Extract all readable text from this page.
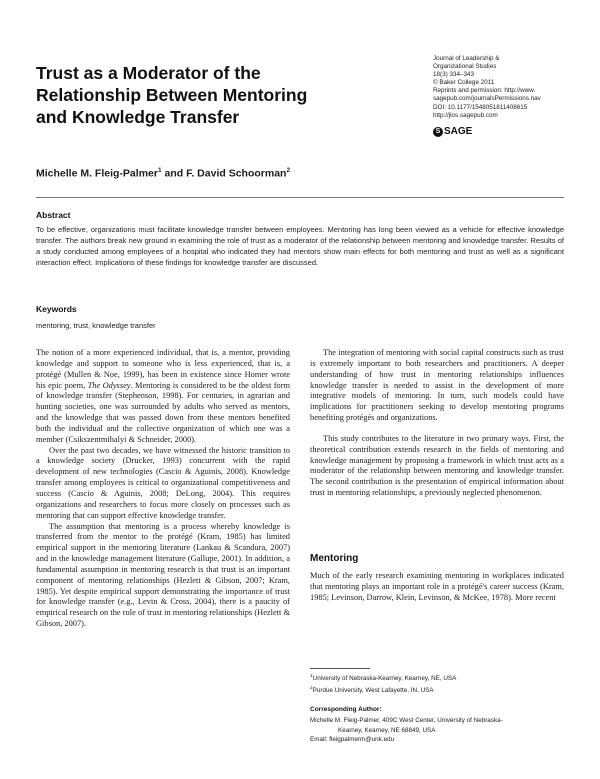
Trust as a Moderator of the
Relationship Between Mentoring
and Knowledge Transfer
Journal of Leadership &
Organizational Studies
18(3) 334–343
© Baker College 2011
Reprints and permission: http://www.
sagepub.com/journalsPermissions.nav
DOI: 10.1177/1548051811408615
http://jlos.sagepub.com
S SAGE
Michelle M. Fleig-Palmer$^1$ and F. David Schoorman$^2$
Abstract
To be effective, organizations must facilitate knowledge transfer between employees. Mentoring has long been viewed as a vehicle for effective knowledge transfer. The authors break new ground in examining the role of trust as a moderator of the relationship between mentoring and knowledge transfer. Results of a study conducted among employees of a hospital who indicated they had mentors show main effects for both mentoring and trust as well as a significant interaction effect. Implications of these findings for knowledge transfer are discussed.
Keywords
mentoring, trust, knowledge transfer

The notion of a more experienced individual, that is, a mentor, providing knowledge and support to someone who is less experienced, that is, a protégé (Mullen & Noe, 1999), has been in existence since Homer wrote his epic poem, The Odyssey. Mentoring is considered to be the oldest form of knowledge transfer (Stephenson, 1998). For centuries, in agrarian and hunting societies, one was surrounded by adults who served as mentors, and the knowledge that was passed down from these mentors benefited both the individual and the collective organization of which one was a member (Csikszentmihalyi & Schneider, 2000).

Over the past two decades, we have witnessed the historic transition to a knowledge society (Drucker, 1993) concurrent with the rapid development of new technologies (Cascio & Aguinis, 2008). Knowledge transfer among employees is critical to organizational competitiveness and success (Cascio & Aguinis, 2008; DeLong, 2004). This requires organizations and researchers to focus more closely on processes such as mentoring that can support effective knowledge transfer.

The assumption that mentoring is a process whereby knowledge is transferred from the mentor to the protégé (Kram, 1985) has limited empirical support in the mentoring literature (Lankau & Scandura, 2007) and in the knowledge management literature (Gallupe, 2001). In addition, a fundamental assumption in mentoring research is that trust is an important component of mentoring relationships (Hezlett & Gibson, 2007; Kram, 1985). Yet despite empirical support demonstrating the importance of trust for knowledge transfer (e.g., Levin & Cross, 2004), there is a paucity of empirical research on the role of trust in mentoring relationships (Hezlett & Gibson, 2007).

The integration of mentoring with social capital constructs such as trust is extremely important to both researchers and practitioners. A deeper understanding of how trust in mentoring relationships influences knowledge transfer is needed to assist in the development of more integrative models of mentoring. In turn, such models could have implications for practitioners seeking to develop mentoring programs benefiting protégés and organizations.

This study contributes to the literature in two primary ways. First, the theoretical contribution extends research in the fields of mentoring and knowledge management by proposing a framework in which trust acts as a moderator of the relationship between mentoring and knowledge transfer. The second contribution is the presentation of empirical information about trust in mentoring relationships, a previously neglected phenomenon.

Mentoring

Much of the early research examining mentoring in workplaces indicated that mentoring plays an important role in a protégé's career success (Kram, 1985; Levinson, Darrow, Klein, Levinson, & McKee, 1978). More recent

$^1$University of Nebraska-Kearney, Kearney, NE, USA
$^2$Purdue University, West Lafayette, IN, USA
Corresponding Author:
Michelle M. Fleig-Palmer, 409C West Center, University of Nebraska-
Kearney, Kearney, NE 68849, USA
Email: fleigpalmerm@unk.edu
